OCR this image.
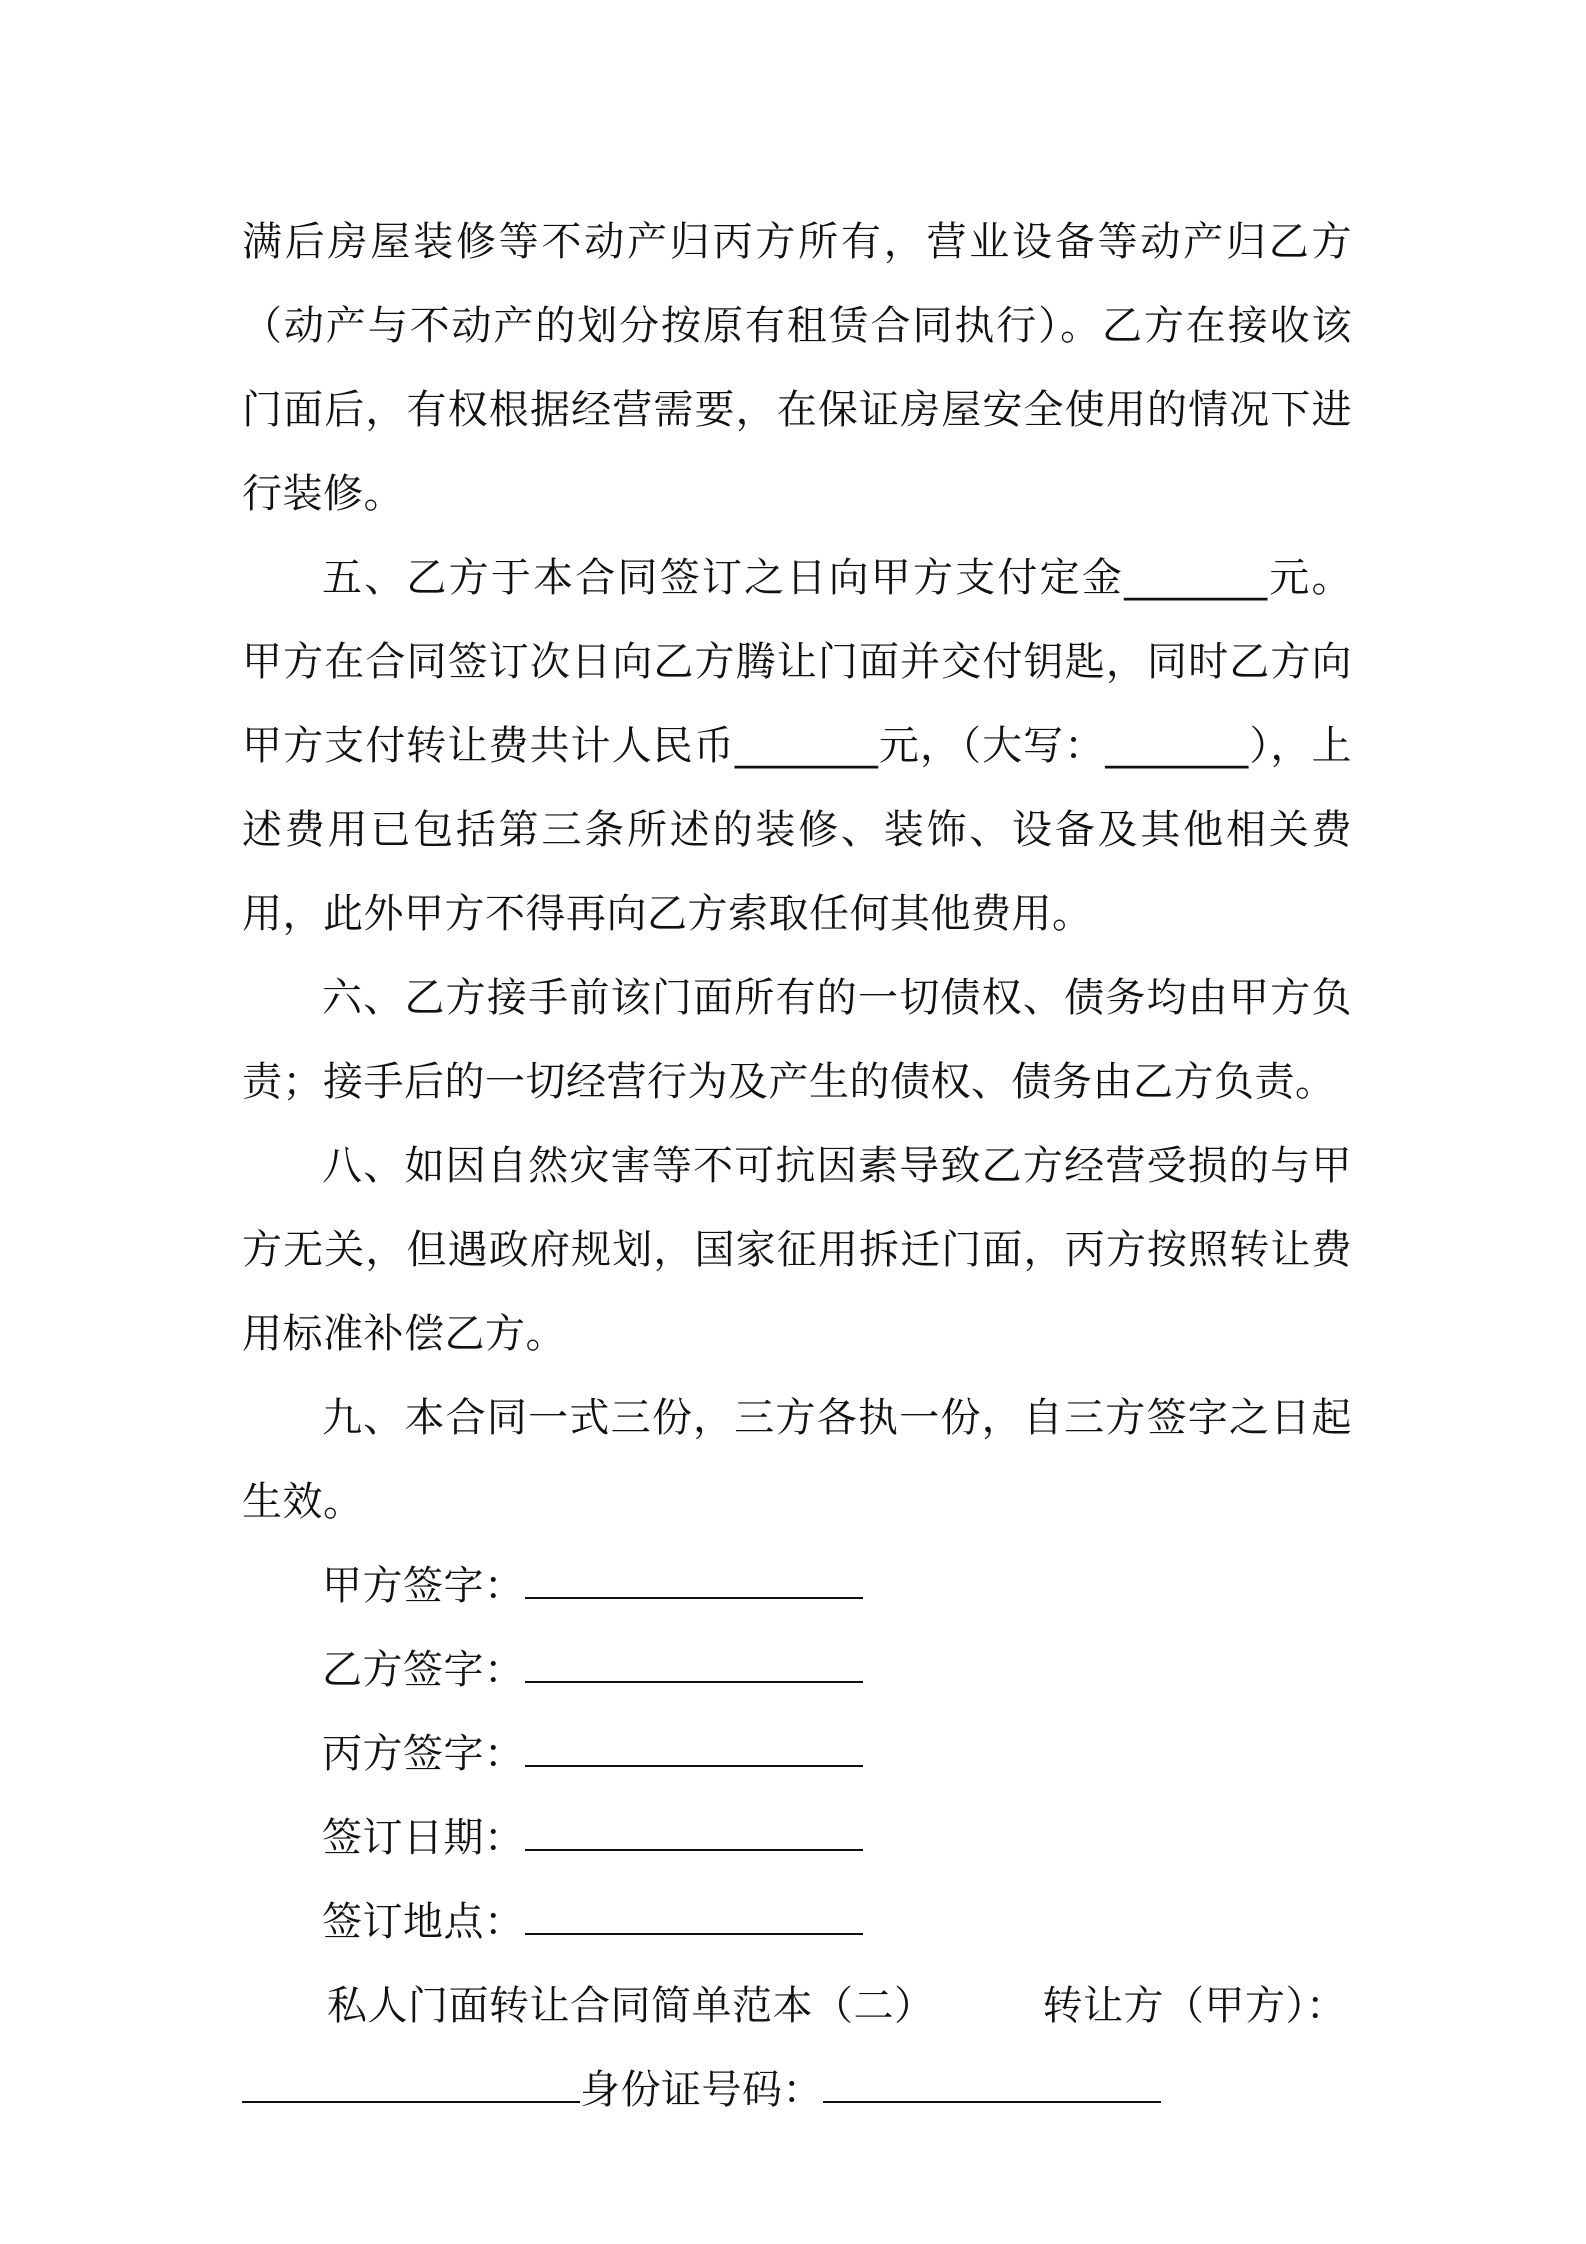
满后房屋装修等不动产归丙方所有，营业设备等动产归乙方（动产与不动产的划分按原有租赁合同执行）。乙方在接收该门面后，有权根据经营需要，在保证房屋安全使用的情况下进行装修。

五、乙方于本合同签订之日向甲方支付定金_______元。甲方在合同签订次日向乙方腾让门面并交付钥匙，同时乙方向甲方支付转让费共计人民币_______元，（大写：_______），上述费用已包括第三条所述的装修、装饰、设备及其他相关费用，此外甲方不得再向乙方索取任何其他费用。

六、乙方接手前该门面所有的一切债权、债务均由甲方负责；接手后的一切经营行为及产生的债权、债务由乙方负责。

八、如因自然灾害等不可抗因素导致乙方经营受损的与甲方无关，但遇政府规划，国家征用拆迁门面，丙方按照转让费用标准补偿乙方。

九、本合同一式三份，三方各执一份，自三方签字之日起生效。

甲方签字：
乙方签字：
丙方签字：
签订日期：
签订地点：
私人门面转让合同简单范本（二）	转让方（甲方）：
身份证号码：
